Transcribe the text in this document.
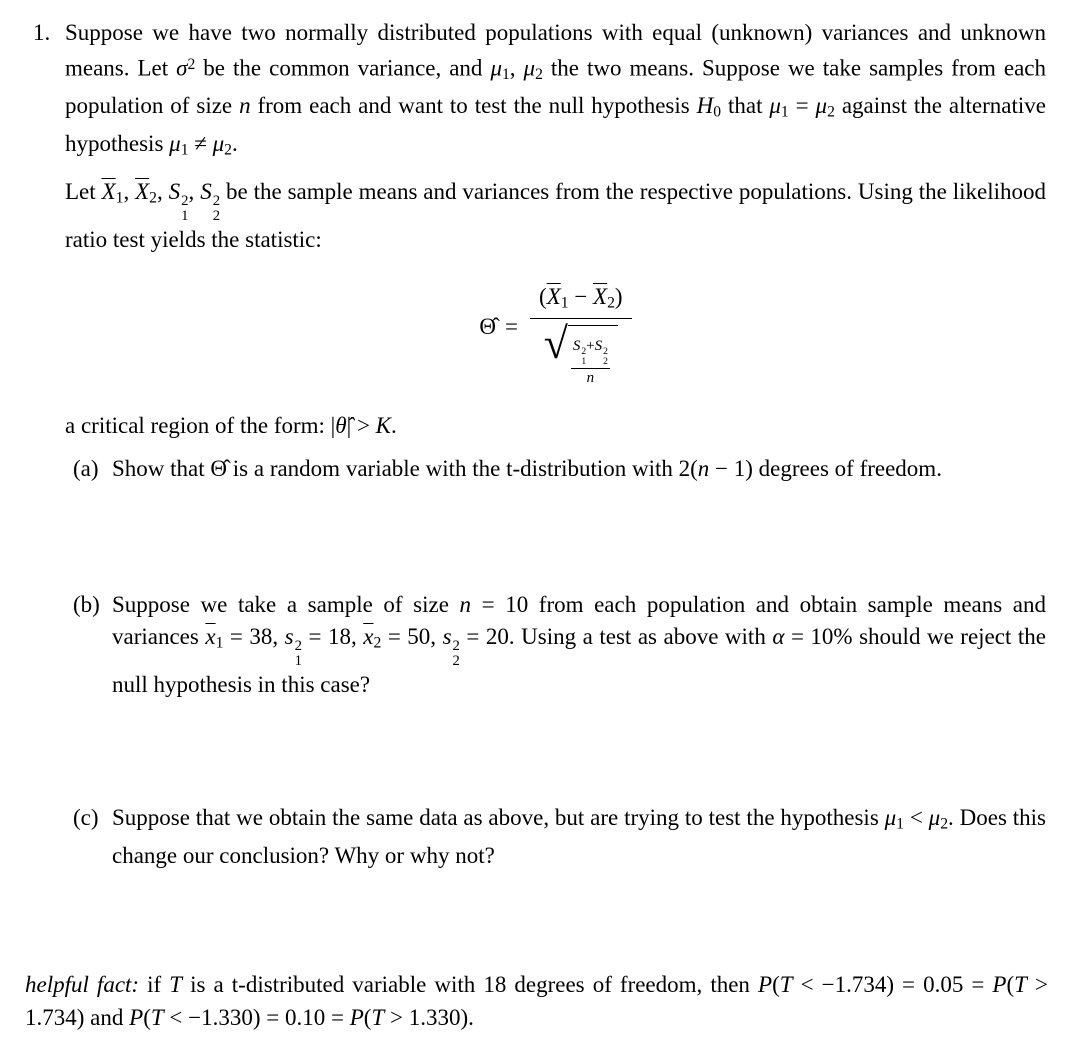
1. Suppose we have two normally distributed populations with equal (unknown) variances and unknown means. Let $\sigma^2$ be the common variance, and $\mu_1$, $\mu_2$ the two means. Suppose we take samples from each population of size n from each and want to test the null hypothesis $H_0$ that $\mu_1 = \mu_2$ against the alternative hypothesis $\mu_1 \ne \mu_2$.

Let $\overline{X}_1$, $\overline{X}_2$, S 2
1
, S 2
2
be the sample means and variances from the respective populations. Using the likelihood ratio test yields the statistic:

Θ̂ =
$(\overline{X}_1 - \overline{X}_2)$
√ S 2
1
+S 2
2
n

a critical region of the form: |θ̂| > K.

(a) Show that Θ̂ is a random variable with the t-distribution with 2(n − 1) degrees of freedom.

(b) Suppose we take a sample of size n = 10 from each population and obtain sample means and variances $\overline{x}_1 = 38$, s 2
1
= 18, $\overline{x}_2 = 50$, s 2
2
= 20. Using a test as above with α = 10% should we reject the null hypothesis in this case?

(c) Suppose that we obtain the same data as above, but are trying to test the hypothesis $\mu_1 < \mu_2$. Does this change our conclusion? Why or why not?

helpful fact: if T is a t-distributed variable with 18 degrees of freedom, then P(T < −1.734) = 0.05 = P(T > 1.734) and P(T < −1.330) = 0.10 = P(T > 1.330).
